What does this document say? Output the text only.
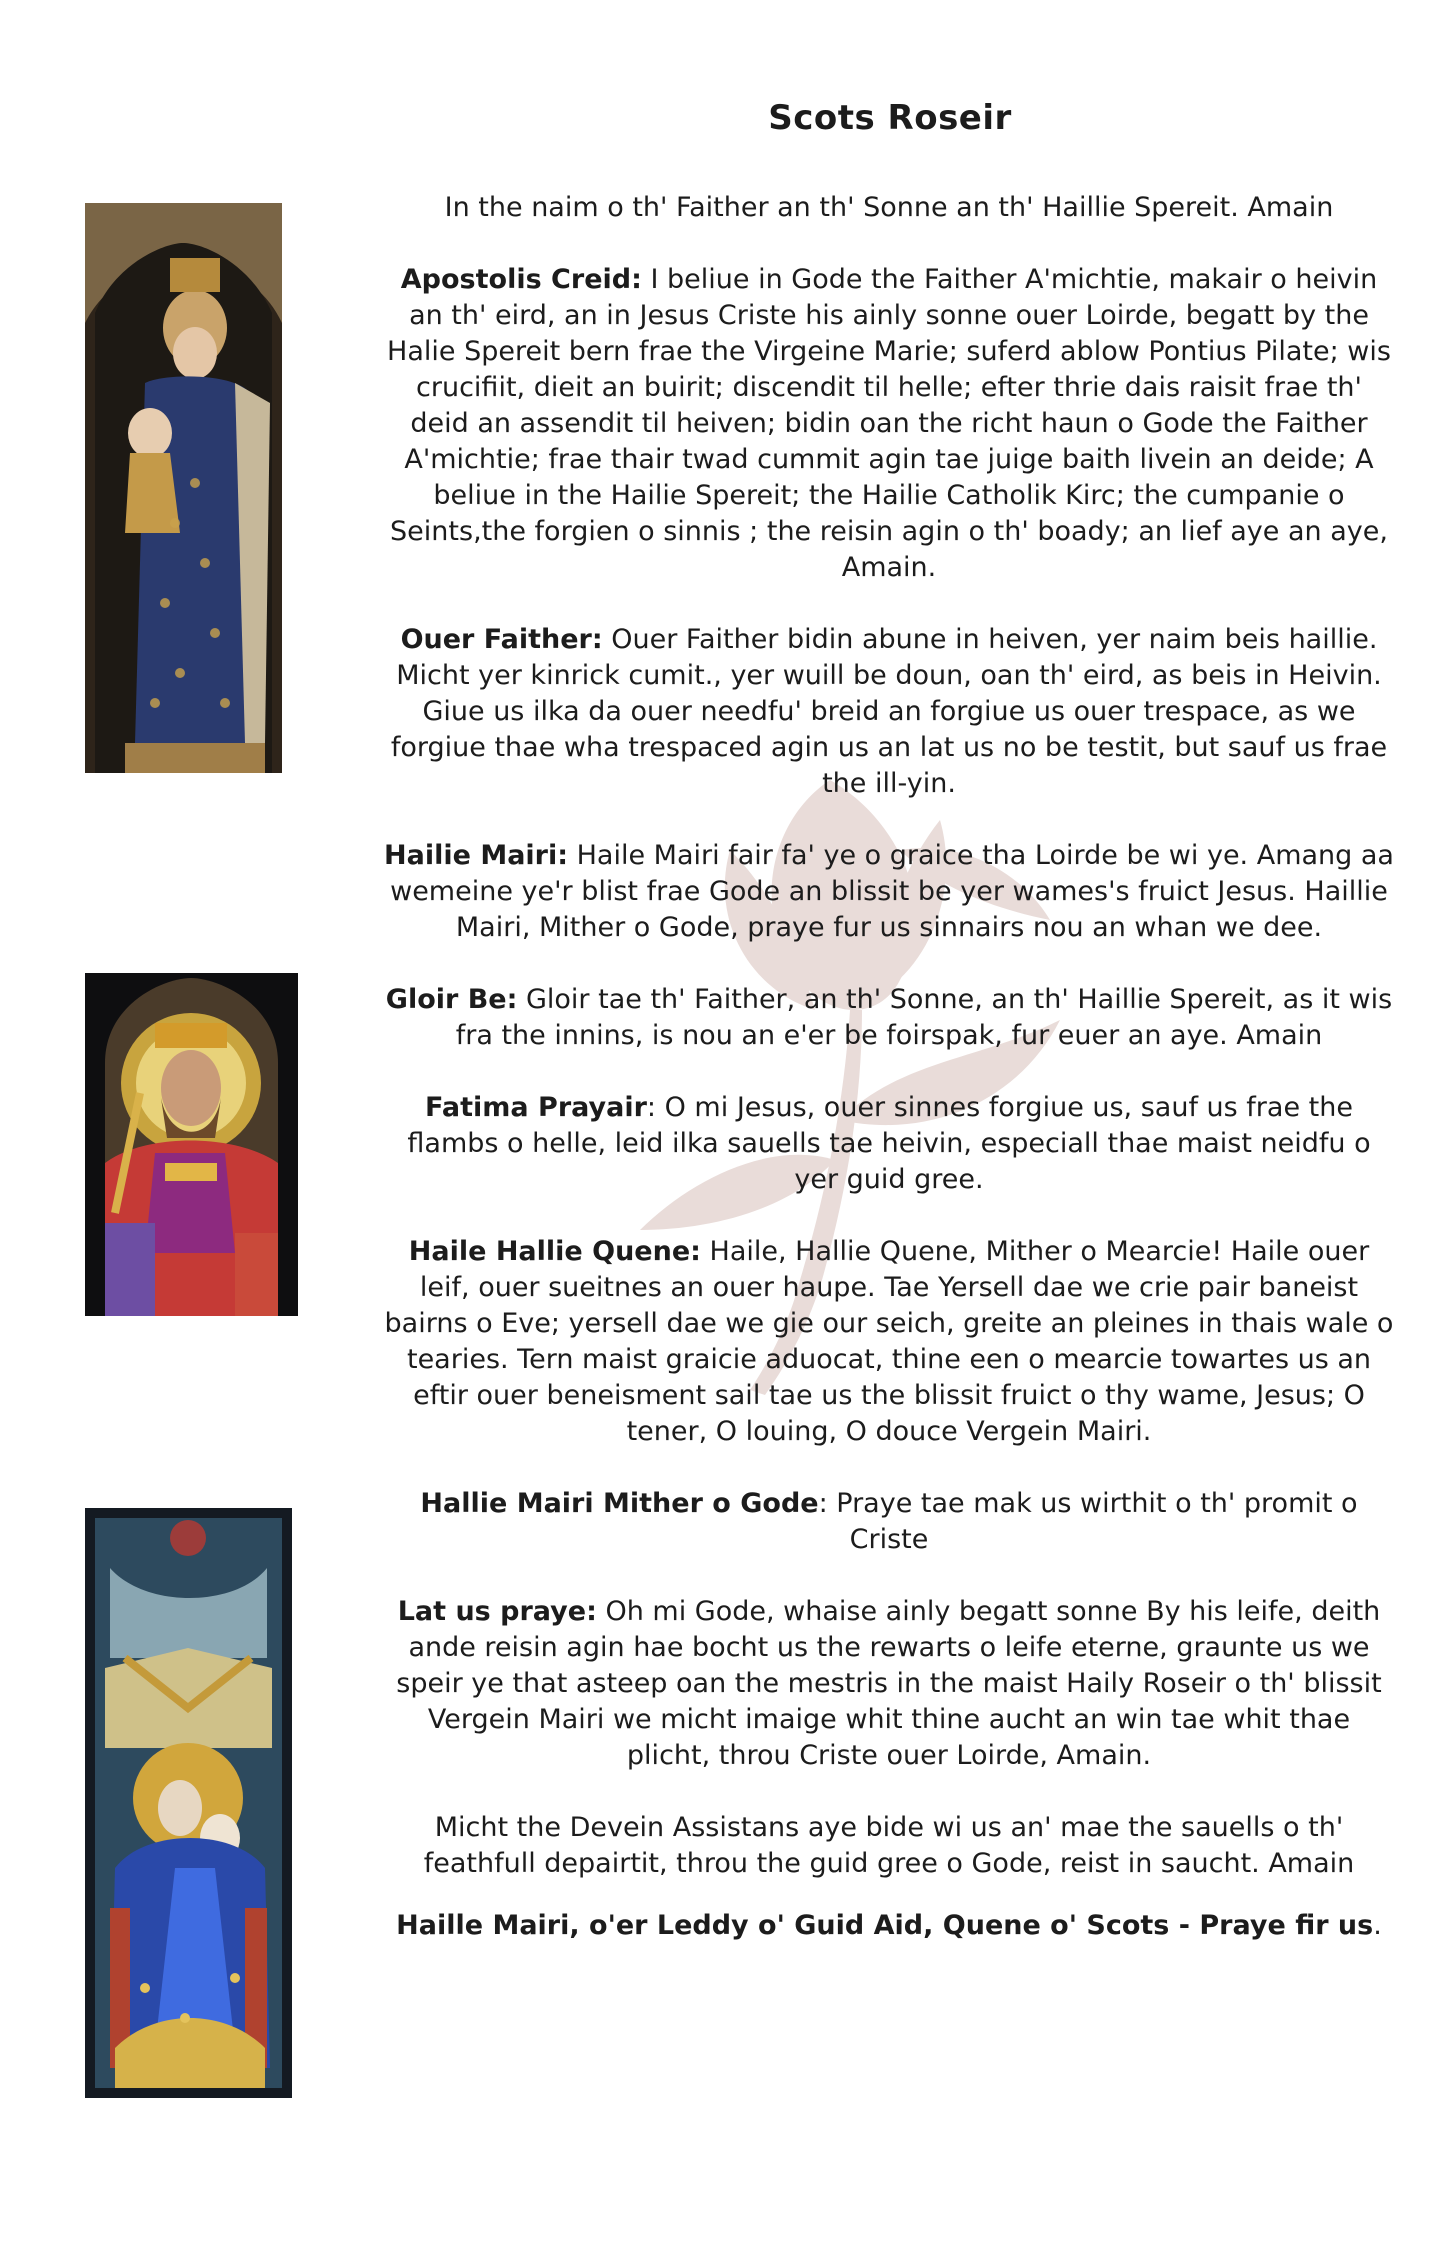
Scots Roseir

In the naim o th' Faither an th' Sonne an th' Haillie Spereit. Amain

Apostolis Creid: I beliue in Gode the Faither A'michtie, makair o heivin an th' eird, an in Jesus Criste his ainly sonne ouer Loirde, begatt by the Halie Spereit bern frae the Virgeine Marie; suferd ablow Pontius Pilate; wis crucifiit, dieit an buirit; discendit til helle; efter thrie dais raisit frae th' deid an assendit til heiven; bidin oan the richt haun o Gode the Faither A'michtie; frae thair twad cummit agin tae juige baith livein an deide; A beliue in the Hailie Spereit; the Hailie Catholik Kirc; the cumpanie o Seints,the forgien o sinnis ; the reisin agin o th' boady; an lief aye an aye, Amain.

Ouer Faither: Ouer Faither bidin abune in heiven, yer naim beis haillie. Micht yer kinrick cumit., yer wuill be doun, oan th' eird, as beis in Heivin. Giue us ilka da ouer needfu' breid an forgiue us ouer trespace, as we forgiue thae wha trespaced agin us an lat us no be testit, but sauf us frae the ill-yin.

Hailie Mairi: Haile Mairi fair fa' ye o graice tha Loirde be wi ye. Amang aa wemeine ye'r blist frae Gode an blissit be yer wames's fruict Jesus. Haillie Mairi, Mither o Gode, praye fur us sinnairs nou an whan we dee.

Gloir Be: Gloir tae th' Faither, an th' Sonne, an th' Haillie Spereit, as it wis fra the innins, is nou an e'er be foirspak, fur euer an aye. Amain

Fatima Prayair: O mi Jesus, ouer sinnes forgiue us, sauf us frae the flambs o helle, leid ilka sauells tae heivin, especiall thae maist neidfu o yer guid gree.

Haile Hallie Quene: Haile, Hallie Quene, Mither o Mearcie! Haile ouer leif, ouer sueitnes an ouer haupe. Tae Yersell dae we crie pair baneist bairns o Eve; yersell dae we gie our seich, greite an pleines in thais wale o tearies. Tern maist graicie aduocat, thine een o mearcie towartes us an eftir ouer beneisment sail tae us the blissit fruict o thy wame, Jesus; O tener, O louing, O douce Vergein Mairi.

Hallie Mairi Mither o Gode: Praye tae mak us wirthit o th' promit o Criste

Lat us praye: Oh mi Gode, whaise ainly begatt sonne By his leife, deith ande reisin agin hae bocht us the rewarts o leife eterne, graunte us we speir ye that asteep oan the mestris in the maist Haily Roseir o th' blissit Vergein Mairi we micht imaige whit thine aucht an win tae whit thae plicht, throu Criste ouer Loirde, Amain.

Micht the Devein Assistans aye bide wi us an' mae the sauells o th' feathfull depairtit, throu the guid gree o Gode, reist in saucht. Amain

Haille Mairi, o'er Leddy o' Guid Aid, Quene o' Scots - Praye fir us.
